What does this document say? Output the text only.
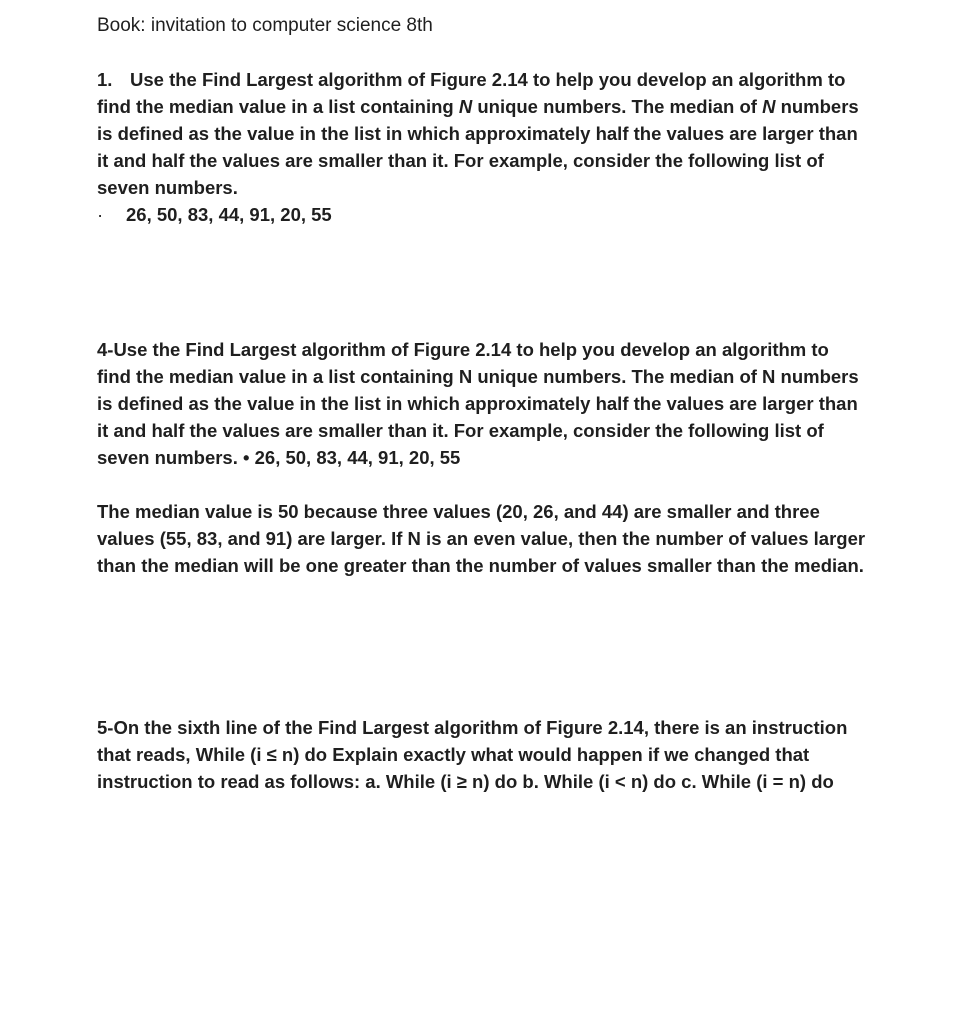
Book: invitation to computer science 8th

1. Use the Find Largest algorithm of Figure 2.14 to help you develop an algorithm to find the median value in a list containing N unique numbers. The median of N numbers is defined as the value in the list in which approximately half the values are larger than it and half the values are smaller than it. For example, consider the following list of seven numbers.

· 26, 50, 83, 44, 91, 20, 55

4-Use the Find Largest algorithm of Figure 2.14 to help you develop an algorithm to find the median value in a list containing N unique numbers. The median of N numbers is defined as the value in the list in which approximately half the values are larger than it and half the values are smaller than it. For example, consider the following list of seven numbers. • 26, 50, 83, 44, 91, 20, 55

The median value is 50 because three values (20, 26, and 44) are smaller and three values (55, 83, and 91) are larger. If N is an even value, then the number of values larger than the median will be one greater than the number of values smaller than the median.

5-On the sixth line of the Find Largest algorithm of Figure 2.14, there is an instruction that reads, While (i ≤ n) do Explain exactly what would happen if we changed that instruction to read as follows: a. While (i ≥ n) do b. While (i < n) do c. While (i = n) do
